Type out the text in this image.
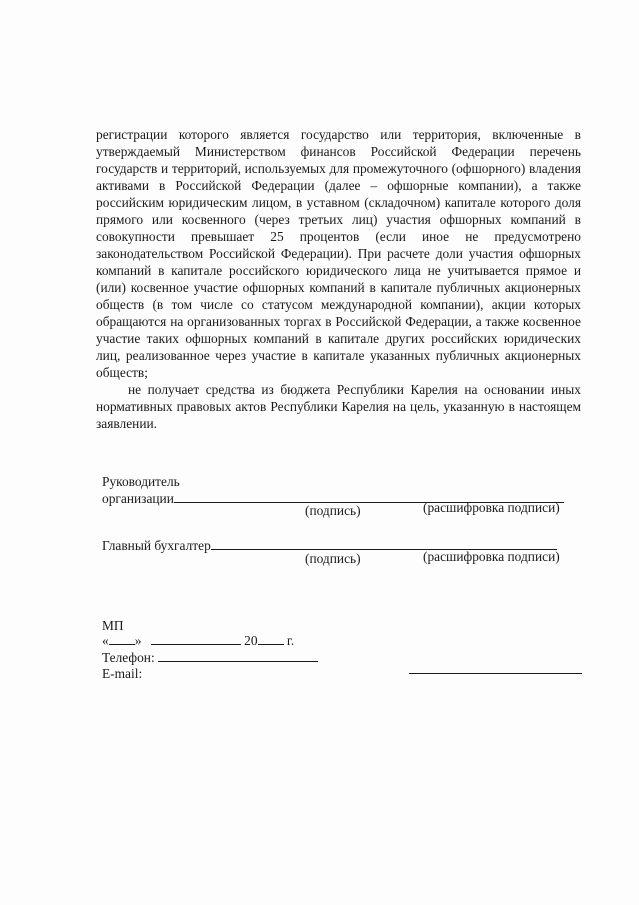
регистрации которого является государство или территория, включенные в утверждаемый Министерством финансов Российской Федерации перечень государств и территорий, используемых для промежуточного (офшорного) владения активами в Российской Федерации (далее – офшорные компании), а также российским юридическим лицом, в уставном (складочном) капитале которого доля прямого или косвенного (через третьих лиц) участия офшорных компаний в совокупности превышает 25 процентов (если иное не предусмотрено законодательством Российской Федерации). При расчете доли участия офшорных компаний в капитале российского юридического лица не учитывается прямое и (или) косвенное участие офшорных компаний в капитале публичных акционерных обществ (в том числе со статусом международной компании), акции которых обращаются на организованных торгах в Российской Федерации, а также косвенное участие таких офшорных компаний в капитале других российских юридических лиц, реализованное через участие в капитале указанных публичных акционерных обществ;

не получает средства из бюджета Республики Карелия на основании иных нормативных правовых актов Республики Карелия на цель, указанную в настоящем заявлении.

Руководитель
организации
(подпись)	(расшифровка подписи)
Главный бухгалтер
(подпись)	(расшифровка подписи)
МП
« »	20 г.
Телефон:
E-mail:
